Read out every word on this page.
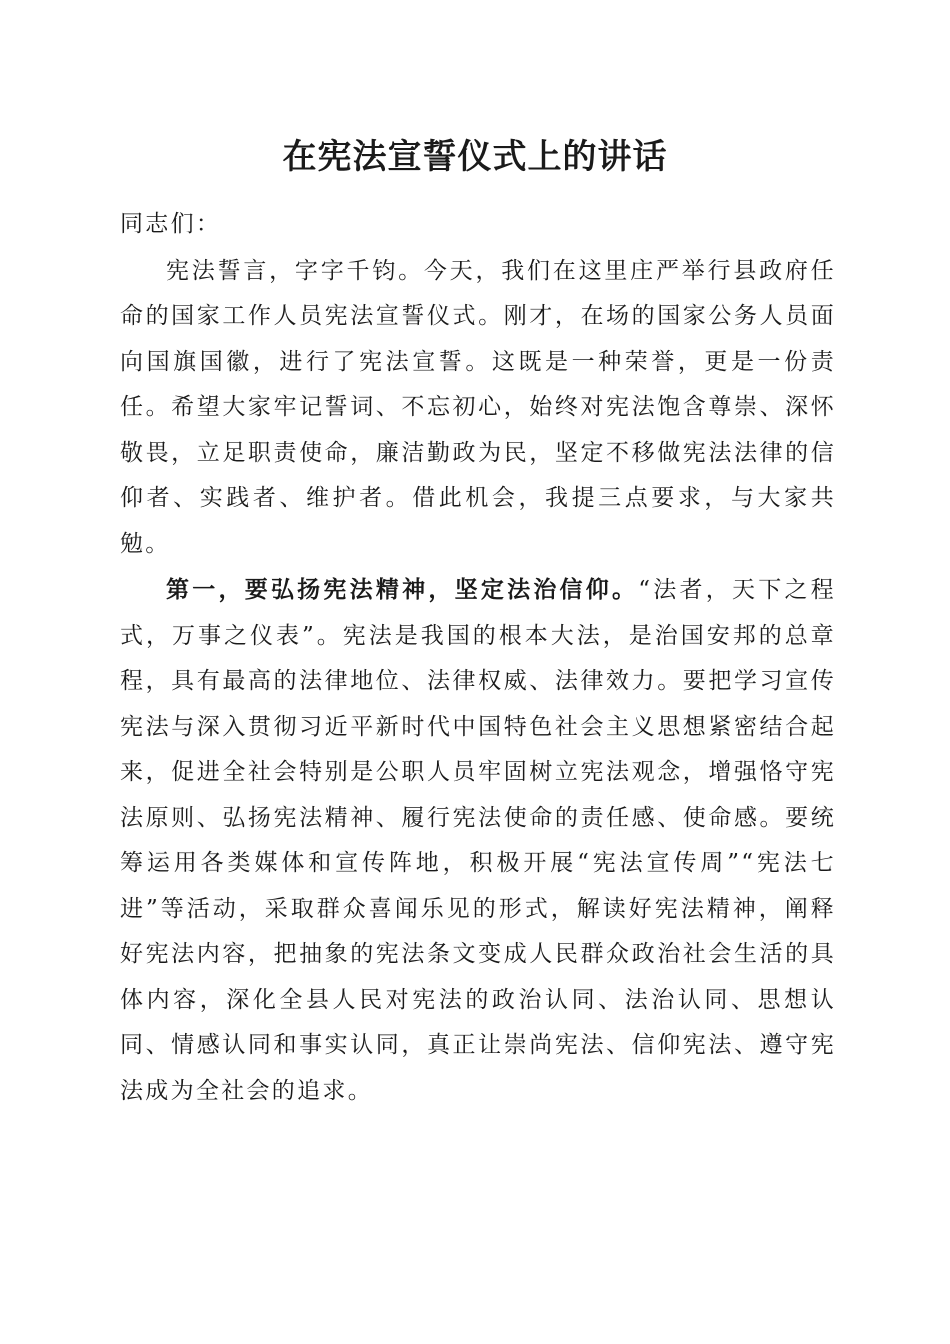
在宪法宣誓仪式上的讲话

同志们：

宪法誓言，字字千钧。今天，我们在这里庄严举行县政府任命的国家工作人员宪法宣誓仪式。刚才，在场的国家公务人员面向国旗国徽，进行了宪法宣誓。这既是一种荣誉，更是一份责任。希望大家牢记誓词、不忘初心，始终对宪法饱含尊崇、深怀敬畏，立足职责使命，廉洁勤政为民，坚定不移做宪法法律的信仰者、实践者、维护者。借此机会，我提三点要求，与大家共勉。

第一，要弘扬宪法精神，坚定法治信仰。“法者，天下之程式，万事之仪表”。宪法是我国的根本大法，是治国安邦的总章程，具有最高的法律地位、法律权威、法律效力。要把学习宣传宪法与深入贯彻习近平新时代中国特色社会主义思想紧密结合起来，促进全社会特别是公职人员牢固树立宪法观念，增强恪守宪法原则、弘扬宪法精神、履行宪法使命的责任感、使命感。要统筹运用各类媒体和宣传阵地，积极开展“宪法宣传周”“宪法七进”等活动，采取群众喜闻乐见的形式，解读好宪法精神，阐释好宪法内容，把抽象的宪法条文变成人民群众政治社会生活的具体内容，深化全县人民对宪法的政治认同、法治认同、思想认同、情感认同和事实认同，真正让崇尚宪法、信仰宪法、遵守宪法成为全社会的追求。
